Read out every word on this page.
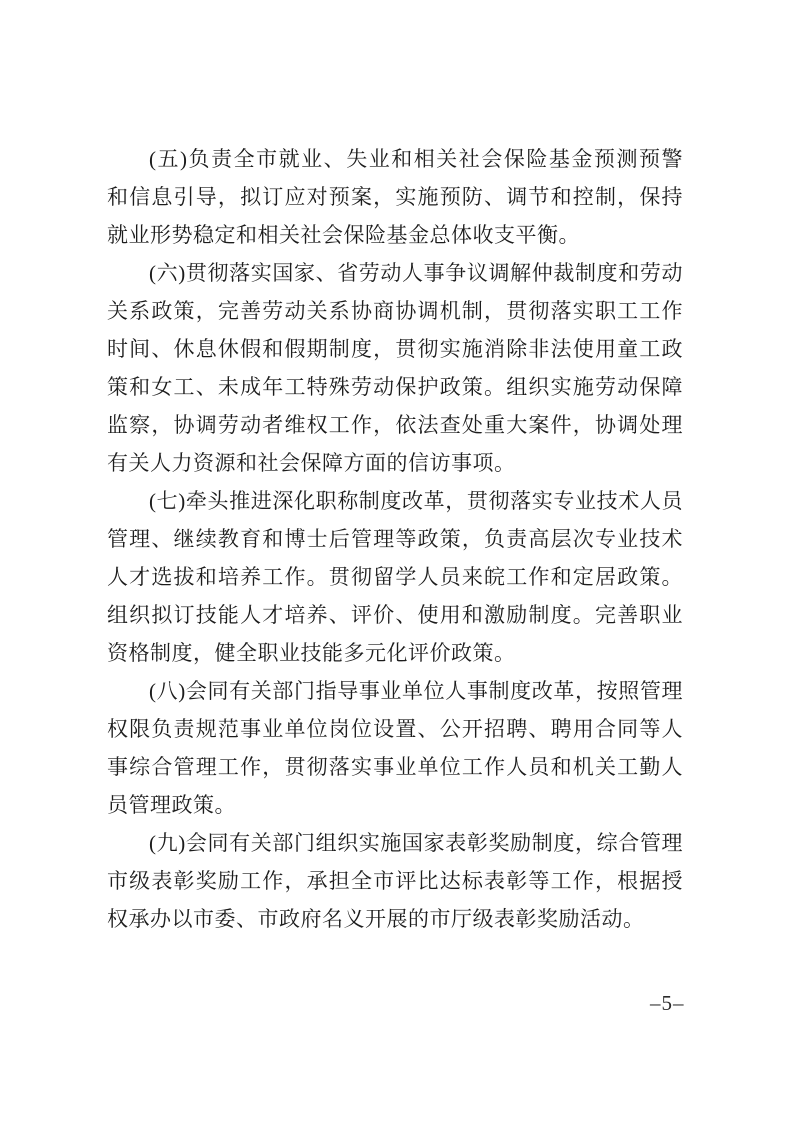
(五)负责全市就业、失业和相关社会保险基金预测预警 和信息引导，拟订应对预案，实施预防、调节和控制，保持就业形势稳定和相关社会保险基金总体收支平衡。

(六)贯彻落实国家、省劳动人事争议调解仲裁制度和劳动关系政策，完善劳动关系协商协调机制，贯彻落实职工工作时间、休息休假和假期制度，贯彻实施消除非法使用童工政策和女工、未成年工特殊劳动保护政策。组织实施劳动保障监察，协调劳动者维权工作，依法查处重大案件，协调处理有关人力资源和社会保障方面的信访事项。

(七)牵头推进深化职称制度改革，贯彻落实专业技术人员管理、继续教育和博士后管理等政策，负责高层次专业技术人才选拔和培养工作。贯彻留学人员来皖工作和定居政策。组织拟订技能人才培养、评价、使用和激励制度。完善职业资格制度，健全职业技能多元化评价政策。

(八)会同有关部门指导事业单位人事制度改革，按照管理权限负责规范事业单位岗位设置、公开招聘、聘用合同等人事综合管理工作，贯彻落实事业单位工作人员和机关工勤人员管理政策。

(九)会同有关部门组织实施国家表彰奖励制度，综合管理市级表彰奖励工作，承担全市评比达标表彰等工作，根据授权承办以市委、市政府名义开展的市厅级表彰奖励活动。

–5–
